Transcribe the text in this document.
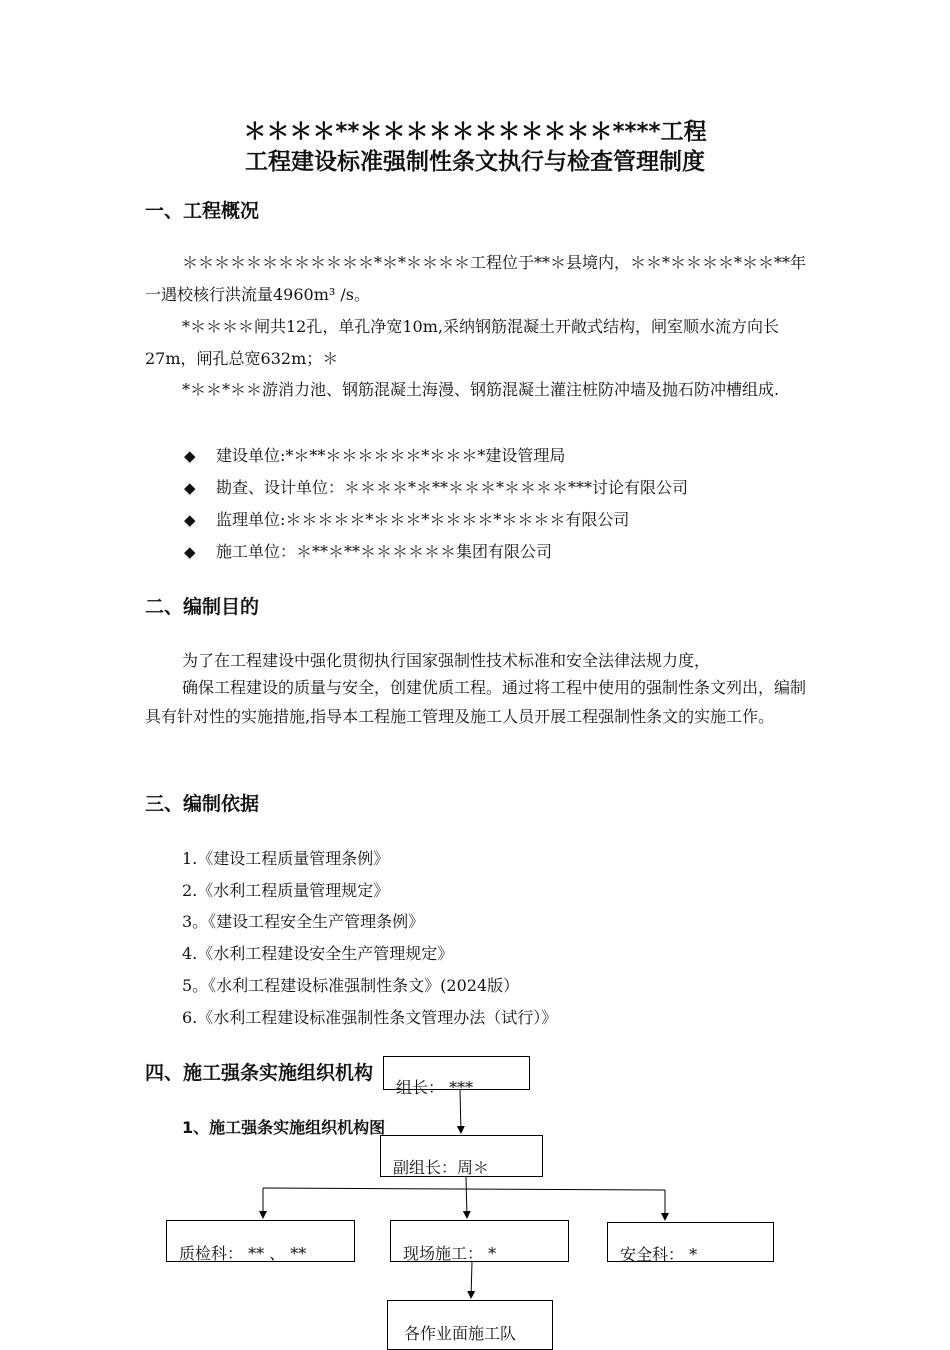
＊＊＊＊**＊＊＊＊＊＊＊＊＊＊＊****工程
工程建设标准强制性条文执行与检查管理制度
一、工程概况

＊＊＊＊＊＊＊＊＊＊＊＊*＊*＊＊＊＊工程位于**＊县境内，＊＊*＊＊＊＊*＊＊**年一遇校核行洪流量4960m³ /s。

*＊＊＊＊闸共12孔，单孔净宽10m,采纳钢筋混凝土开敞式结构，闸室顺水流方向长27m，闸孔总宽632m；＊

*＊＊*＊＊游消力池、钢筋混凝土海漫、钢筋混凝土灌注桩防冲墙及抛石防冲槽组成.

◆ 建设单位:*＊**＊＊＊＊＊＊*＊＊＊*建设管理局
◆ 勘查、设计单位：＊＊＊＊*＊**＊＊＊*＊＊＊＊***讨论有限公司
◆ 监理单位:＊＊＊＊＊*＊＊＊*＊＊＊＊*＊＊＊＊有限公司
◆ 施工单位：＊**＊**＊＊＊＊＊＊集团有限公司
二、编制目的
为了在工程建设中强化贯彻执行国家强制性技术标准和安全法律法规力度，

确保工程建设的质量与安全，创建优质工程。通过将工程中使用的强制性条文列出，编制具有针对性的实施措施,指导本工程施工管理及施工人员开展工程强制性条文的实施工作。

三、编制依据
1.《建设工程质量管理条例》
2.《水利工程质量管理规定》
3。《建设工程安全生产管理条例》
4.《水利工程建设安全生产管理规定》
5。《水利工程建设标准强制性条文》(2024版）
6.《水利工程建设标准强制性条文管理办法（试行）》
四、施工强条实施组织机构
1、施工强条实施组织机构图
组长： ***
副组长：周＊
质检科： ** 、 **	现场施工： *	安全科： *
各作业面施工队
